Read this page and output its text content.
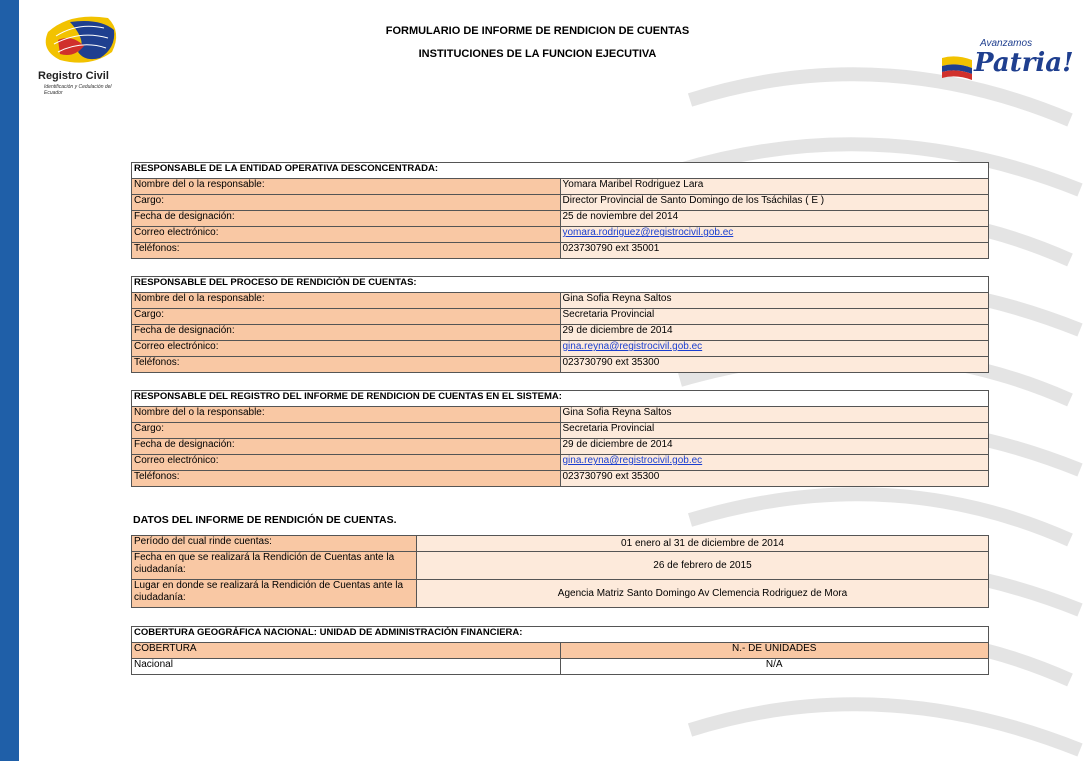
Registro Civil
Identificación y Cedulación del Ecuador
Avanzamos
Patria!
FORMULARIO DE INFORME DE RENDICION DE CUENTAS
INSTITUCIONES DE LA FUNCION EJECUTIVA
RESPONSABLE DE LA ENTIDAD OPERATIVA DESCONCENTRADA:	
Nombre del o la responsable:	Yomara Maribel Rodriguez Lara
Cargo:	Director Provincial de Santo Domingo de los Tsáchilas ( E )
Fecha de designación:	25 de noviembre del 2014
Correo electrónico:	yomara.rodriguez@registrocivil.gob.ec
Teléfonos:	023730790 ext 35001
RESPONSABLE DEL PROCESO DE RENDICIÓN DE CUENTAS:	
Nombre del o la responsable:	Gina Sofia Reyna Saltos
Cargo:	Secretaria Provincial
Fecha de designación:	29 de diciembre de 2014
Correo electrónico:	gina.reyna@registrocivil.gob.ec
Teléfonos:	023730790 ext 35300
RESPONSABLE DEL REGISTRO DEL INFORME DE RENDICION DE CUENTAS EN EL SISTEMA:	
Nombre del o la responsable:	Gina Sofia Reyna Saltos
Cargo:	Secretaria Provincial
Fecha de designación:	29 de diciembre de 2014
Correo electrónico:	gina.reyna@registrocivil.gob.ec
Teléfonos:	023730790 ext 35300
DATOS DEL INFORME DE RENDICIÓN DE CUENTAS.
Período del cual rinde cuentas:	01 enero al 31 de diciembre de 2014
Fecha en que se realizará la Rendición de Cuentas ante la ciudadanía:	26 de febrero de 2015
Lugar en donde se realizará la Rendición de Cuentas ante la ciudadanía:	Agencia Matriz Santo Domingo Av Clemencia Rodriguez de Mora
COBERTURA GEOGRÁFICA NACIONAL: UNIDAD DE ADMINISTRACIÓN FINANCIERA:	
COBERTURA	N.- DE UNIDADES
Nacional	N/A
